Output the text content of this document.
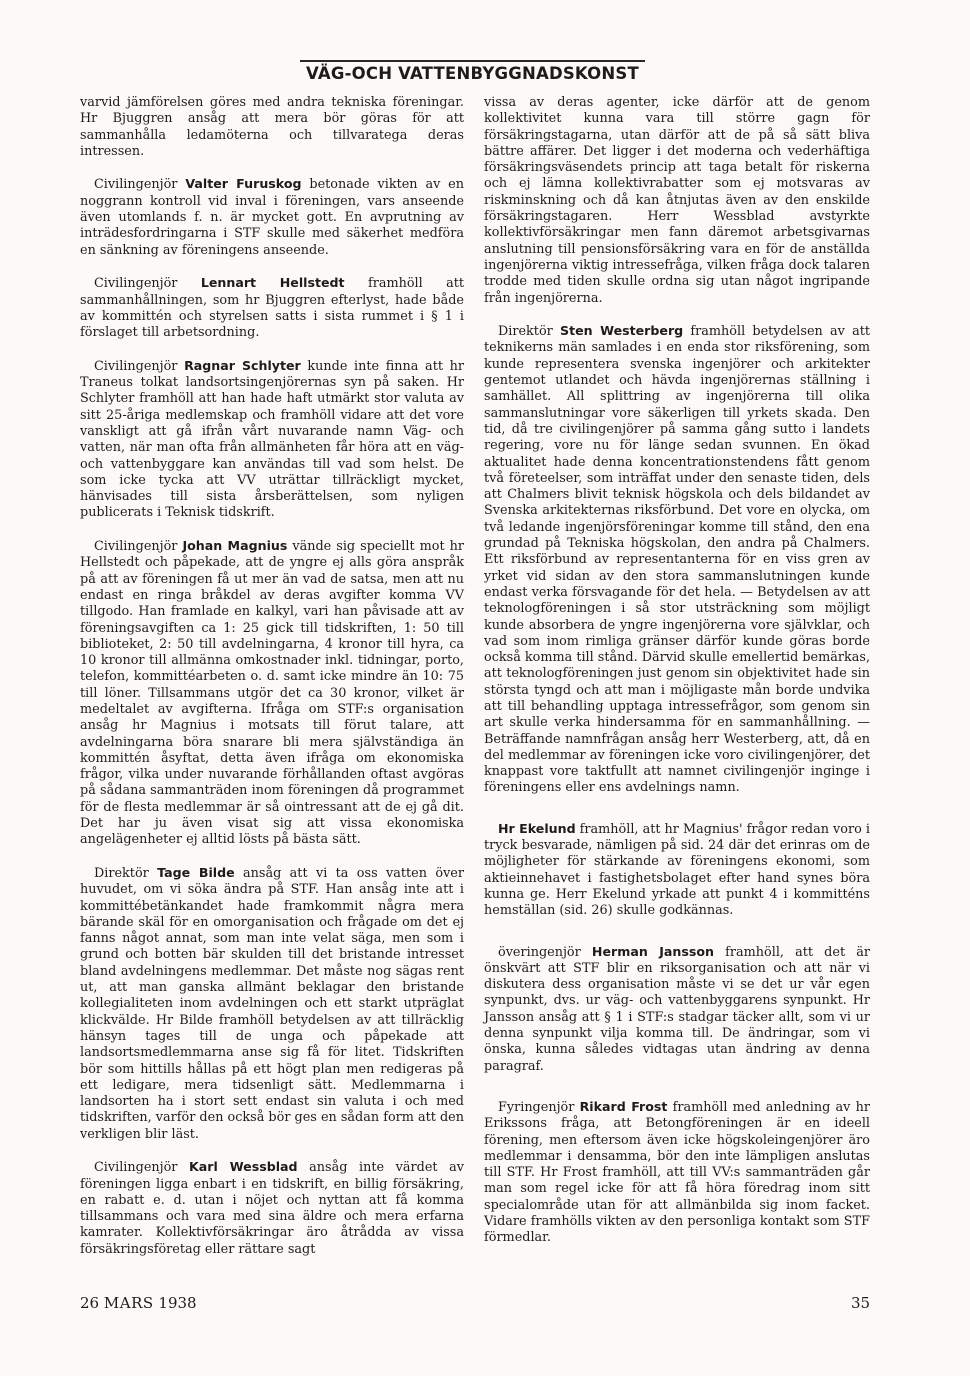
VÄG-OCH VATTENBYGGNADSKONST

varvid jämförelsen göres med andra tekniska föreningar. Hr Bjuggren ansåg att mera bör göras för att sammanhålla ledamöterna och tillvaratega deras intressen.

Civilingenjör Valter Furuskog betonade vikten av en noggrann kontroll vid inval i föreningen, vars anseende även utomlands f. n. är mycket gott. En avprutning av inträdesfordringarna i STF skulle med säkerhet medföra en sänkning av föreningens anseende.

Civilingenjör Lennart Hellstedt framhöll att sammanhållningen, som hr Bjuggren efterlyst, hade både av kommittén och styrelsen satts i sista rummet i § 1 i förslaget till arbetsordning.

Civilingenjör Ragnar Schlyter kunde inte finna att hr Traneus tolkat landsortsingenjörernas syn på saken. Hr Schlyter framhöll att han hade haft utmärkt stor valuta av sitt 25-åriga medlemskap och framhöll vidare att det vore vanskligt att gå ifrån vårt nuvarande namn Väg- och vatten, när man ofta från allmänheten får höra att en väg- och vattenbyggare kan användas till vad som helst. De som icke tycka att VV uträttar tillräckligt mycket, hänvisades till sista årsberättelsen, som nyligen publicerats i Teknisk tidskrift.

Civilingenjör Johan Magnius vände sig speciellt mot hr Hellstedt och påpekade, att de yngre ej alls göra anspråk på att av föreningen få ut mer än vad de satsa, men att nu endast en ringa bråkdel av deras avgifter komma VV tillgodo. Han framlade en kalkyl, vari han påvisade att av föreningsavgiften ca 1: 25 gick till tidskriften, 1: 50 till biblioteket, 2: 50 till avdelningarna, 4 kronor till hyra, ca 10 kronor till allmänna omkostnader inkl. tidningar, porto, telefon, kommittéarbeten o. d. samt icke mindre än 10: 75 till löner. Tillsammans utgör det ca 30 kronor, vilket är medeltalet av avgifterna. Ifråga om STF:s organisation ansåg hr Magnius i motsats till förut talare, att avdelningarna böra snarare bli mera självständiga än kommittén åsyftat, detta även ifråga om ekonomiska frågor, vilka under nuvarande förhållanden oftast avgöras på sådana sammanträden inom föreningen då programmet för de flesta medlemmar är så ointressant att de ej gå dit. Det har ju även visat sig att vissa ekonomiska angelägenheter ej alltid lösts på bästa sätt.

Direktör Tage Bilde ansåg att vi ta oss vatten över huvudet, om vi söka ändra på STF. Han ansåg inte att i kommittébetänkandet hade framkommit några mera bärande skäl för en omorganisation och frågade om det ej fanns något annat, som man inte velat säga, men som i grund och botten bär skulden till det bristande intresset bland avdelningens medlemmar. Det måste nog sägas rent ut, att man ganska allmänt beklagar den bristande kollegialiteten inom avdelningen och ett starkt utpräglat klickvälde. Hr Bilde framhöll betydelsen av att tillräcklig hänsyn tages till de unga och påpekade att landsortsmedlemmarna anse sig få för litet. Tidskriften bör som hittills hållas på ett högt plan men redigeras på ett ledigare, mera tidsenligt sätt. Medlemmarna i landsorten ha i stort sett endast sin valuta i och med tidskriften, varför den också bör ges en sådan form att den verkligen blir läst.

Civilingenjör Karl Wessblad ansåg inte värdet av föreningen ligga enbart i en tidskrift, en billig försäkring, en rabatt e. d. utan i nöjet och nyttan att få komma tillsammans och vara med sina äldre och mera erfarna kamrater. Kollektivförsäkringar äro åtrådda av vissa försäkringsföretag eller rättare sagt

vissa av deras agenter, icke därför att de genom kollektivitet kunna vara till större gagn för försäkringstagarna, utan därför att de på så sätt bliva bättre affärer. Det ligger i det moderna och vederhäftiga försäkringsväsendets princip att taga betalt för riskerna och ej lämna kollektivrabatter som ej motsvaras av riskminskning och då kan åtnjutas även av den enskilde försäkringstagaren. Herr Wessblad avstyrkte kollektivförsäkringar men fann däremot arbetsgivarnas anslutning till pensionsförsäkring vara en för de anställda ingenjörerna viktig intressefråga, vilken fråga dock talaren trodde med tiden skulle ordna sig utan något ingripande från ingenjörerna.

Direktör Sten Westerberg framhöll betydelsen av att teknikerns män samlades i en enda stor riksförening, som kunde representera svenska ingenjörer och arkitekter gentemot utlandet och hävda ingenjörernas ställning i samhället. All splittring av ingenjörerna till olika sammanslutningar vore säkerligen till yrkets skada. Den tid, då tre civilingenjörer på samma gång sutto i landets regering, vore nu för länge sedan svunnen. En ökad aktualitet hade denna koncentrationstendens fått genom två företeelser, som inträffat under den senaste tiden, dels att Chalmers blivit teknisk högskola och dels bildandet av Svenska arkitekternas riksförbund. Det vore en olycka, om två ledande ingenjörsföreningar komme till stånd, den ena grundad på Tekniska högskolan, den andra på Chalmers. Ett riksförbund av representanterna för en viss gren av yrket vid sidan av den stora sammanslutningen kunde endast verka försvagande för det hela. — Betydelsen av att teknologföreningen i så stor utsträckning som möjligt kunde absorbera de yngre ingenjörerna vore självklar, och vad som inom rimliga gränser därför kunde göras borde också komma till stånd. Därvid skulle emellertid bemärkas, att teknologföreningen just genom sin objektivitet hade sin största tyngd och att man i möjligaste mån borde undvika att till behandling upptaga intressefrågor, som genom sin art skulle verka hindersamma för en sammanhållning. — Beträffande namnfrågan ansåg herr Westerberg, att, då en del medlemmar av föreningen icke voro civilingenjörer, det knappast vore taktfullt att namnet civilingenjör inginge i föreningens eller ens avdelnings namn.

Hr Ekelund framhöll, att hr Magnius' frågor redan voro i tryck besvarade, nämligen på sid. 24 där det erinras om de möjligheter för stärkande av föreningens ekonomi, som aktieinnehavet i fastighetsbolaget efter hand synes böra kunna ge. Herr Ekelund yrkade att punkt 4 i kommitténs hemställan (sid. 26) skulle godkännas.

överingenjör Herman Jansson framhöll, att det är önskvärt att STF blir en riksorganisation och att när vi diskutera dess organisation måste vi se det ur vår egen synpunkt, dvs. ur väg- och vattenbyggarens synpunkt. Hr Jansson ansåg att § 1 i STF:s stadgar täcker allt, som vi ur denna synpunkt vilja komma till. De ändringar, som vi önska, kunna således vidtagas utan ändring av denna paragraf.

Fyringenjör Rikard Frost framhöll med anledning av hr Erikssons fråga, att Betongföreningen är en ideell förening, men eftersom även icke högskoleingenjörer äro medlemmar i densamma, bör den inte lämpligen anslutas till STF. Hr Frost framhöll, att till VV:s sammanträden går man som regel icke för att få höra föredrag inom sitt specialområde utan för att allmänbilda sig inom facket. Vidare framhölls vikten av den personliga kontakt som STF förmedlar.

26 MARS 1938	35
